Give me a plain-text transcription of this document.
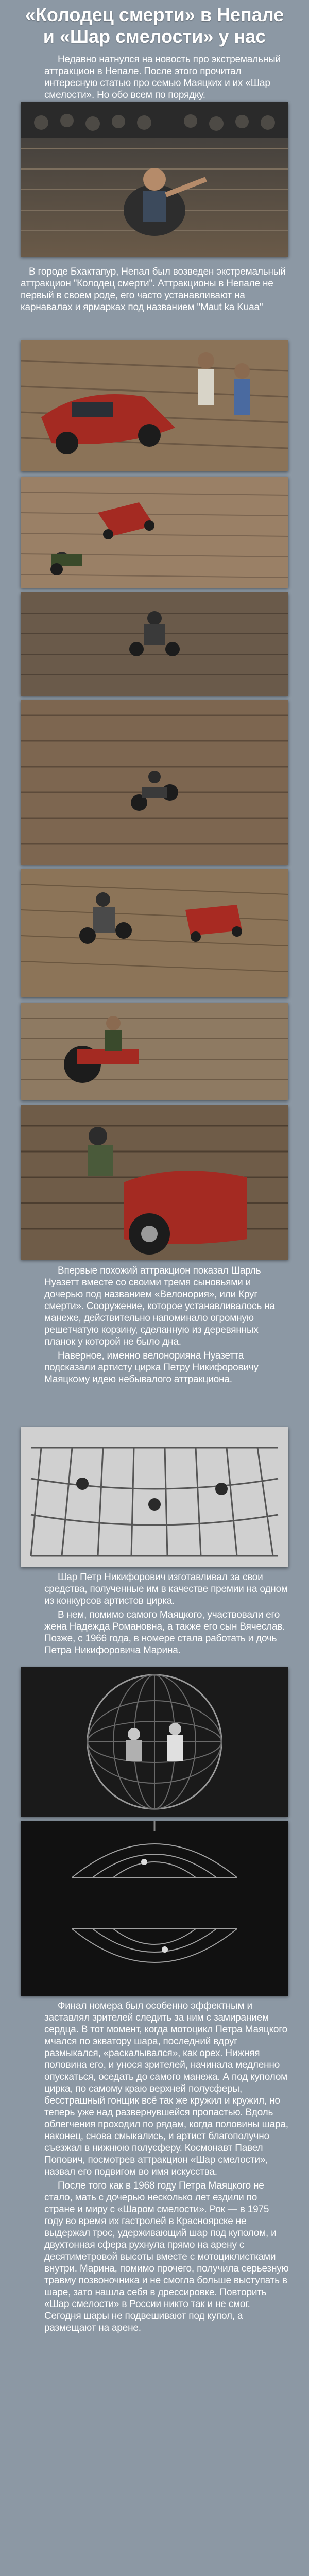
«Колодец смерти» в Непале
и «Шар смелости» у нас

Недавно натнулся на новость про экстремальный аттракцион в Непале. После этого прочитал интересную статью про семью Маяцких и их «Шар смелости». Но обо всем по порядку.

В городе Бхактапур, Непал был возведен экстремальный аттракцион "Колодец смерти". Аттракционы в Непале не первый в своем роде, его часто устанавливают на карнавалах и ярмарках под названием "Maut ka Kuaa"

Впервые похожий аттракцион показал Шарль Нуазетт вместе со своими тремя сыновьями и дочерью под названием «Велонория», или Круг смерти». Сооружение, которое устанавливалось на манеже, действительно напоминало огромную решетчатую корзину, сделанную из деревянных планок у которой не было дна.

Наверное, именно велонорияна Нуазетта подсказали артисту цирка Петру Никифоровичу Маяцкому идею небывалого аттракциона.

Шар Петр Никифорович изготавливал за свои средства, полученные им в качестве премии на одном из конкурсов артистов цирка.

В нем, помимо самого Маяцкого, участвовали его жена Надежда Романовна, а также его сын Вячеслав. Позже, с 1966 года, в номере стала работать и дочь Петра Никифоровича Марина.

Финал номера был особенно эффектным и заставлял зрителей следить за ним с замиранием сердца. В тот момент, когда мотоцикл Петра Маяцкого мчался по экватору шара, последний вдруг размыкался, «раскалывался», как орех. Нижняя половина его, и унося зрителей, начинала медленно опускаться, оседать до самого манежа. А под куполом цирка, по самому краю верхней полусферы, бесстрашный гонщик всё так же кружил и кружил, но теперь уже над развернувшейся пропастью. Вдоль облегчения проходил по рядам, когда половины шара, наконец, снова смыкались, и артист благополучно съезжал в нижнюю полусферу. Космонавт Павел Попович, посмотрев аттракцион «Шар смелости», назвал его подвигом во имя искусства.

После того как в 1968 году Петра Маяцкого не стало, мать с дочерью несколько лет ездили по стране и миру с «Шаром смелости». Рок — в 1975 году во время их гастролей в Красноярске не выдержал трос, удерживающий шар под куполом, и двухтонная сфера рухнула прямо на арену с десятиметровой высоты вместе с мотоциклистками внутри. Марина, помимо прочего, получила серьезную травму позвоночника и не смогла больше выступать в шаре, зато нашла себя в дрессировке. Повторить «Шар смелости» в России никто так и не смог. Сегодня шары не подвешивают под купол, а размещают на арене.
